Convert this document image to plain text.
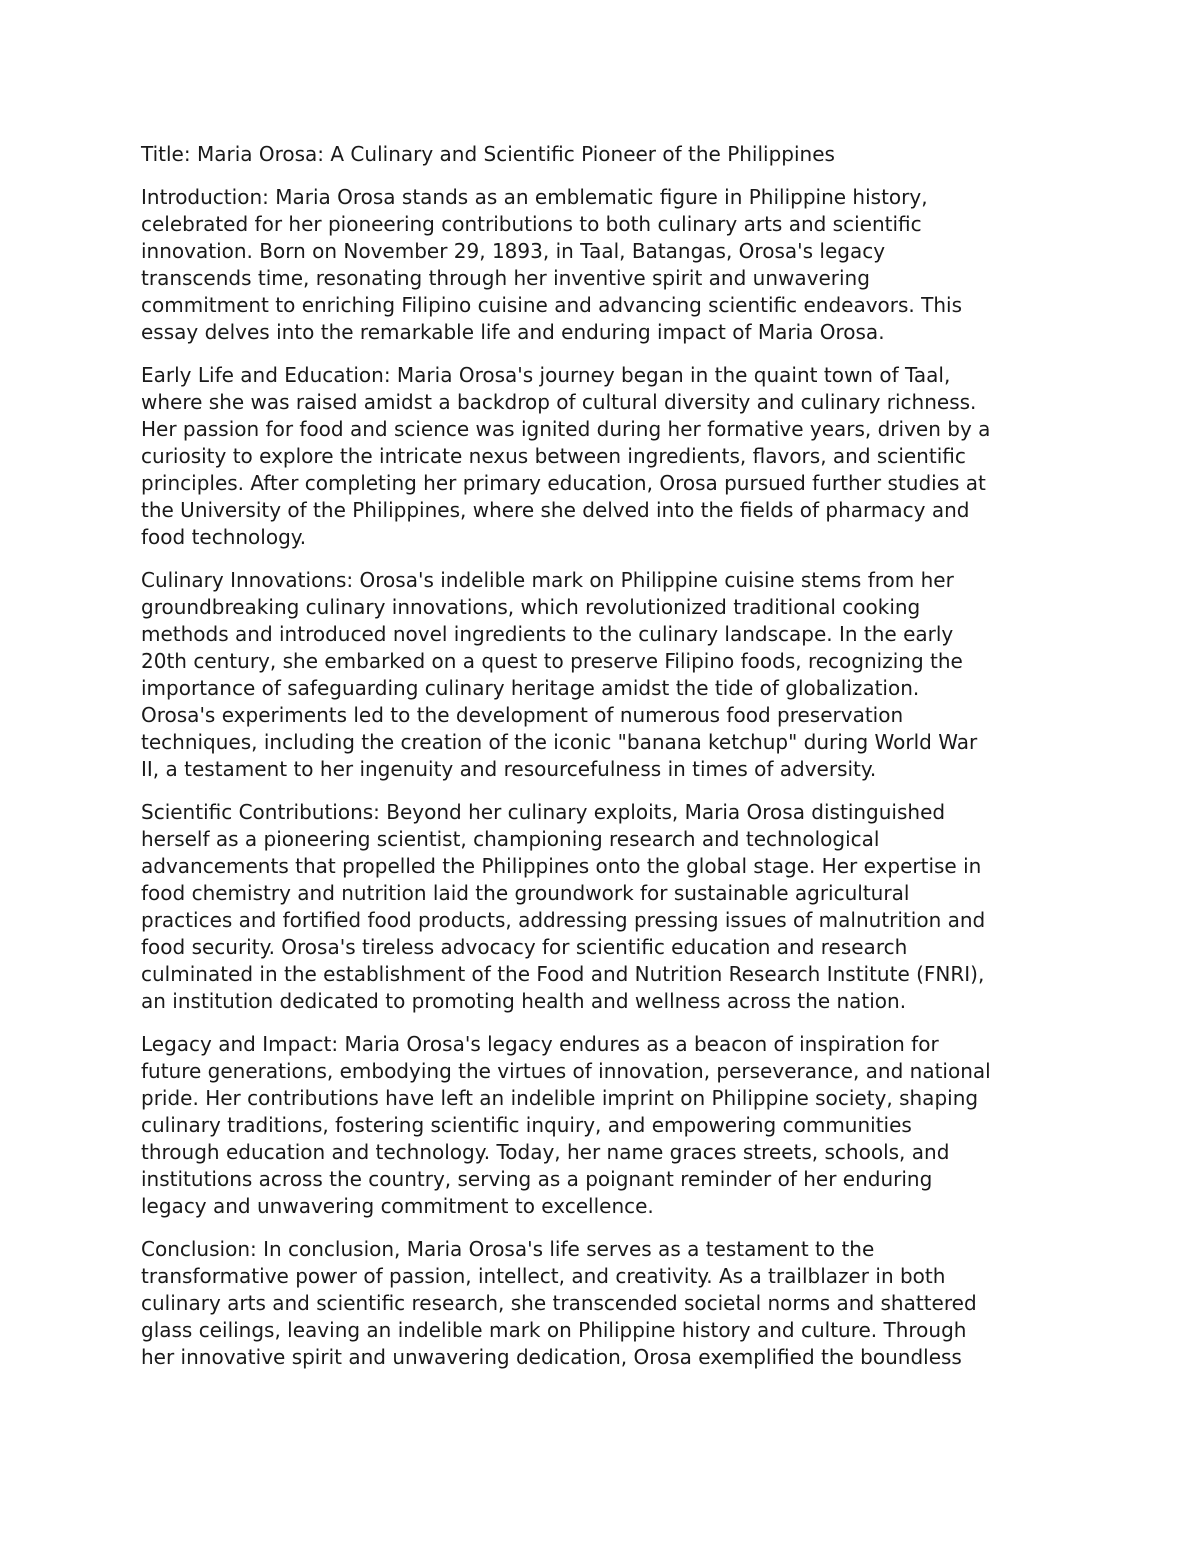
Title: Maria Orosa: A Culinary and Scientific Pioneer of the Philippines

Introduction: Maria Orosa stands as an emblematic figure in Philippine history,
celebrated for her pioneering contributions to both culinary arts and scientific
innovation. Born on November 29, 1893, in Taal, Batangas, Orosa's legacy
transcends time, resonating through her inventive spirit and unwavering
commitment to enriching Filipino cuisine and advancing scientific endeavors. This
essay delves into the remarkable life and enduring impact of Maria Orosa.

Early Life and Education: Maria Orosa's journey began in the quaint town of Taal,
where she was raised amidst a backdrop of cultural diversity and culinary richness.
Her passion for food and science was ignited during her formative years, driven by a
curiosity to explore the intricate nexus between ingredients, flavors, and scientific
principles. After completing her primary education, Orosa pursued further studies at
the University of the Philippines, where she delved into the fields of pharmacy and
food technology.

Culinary Innovations: Orosa's indelible mark on Philippine cuisine stems from her
groundbreaking culinary innovations, which revolutionized traditional cooking
methods and introduced novel ingredients to the culinary landscape. In the early
20th century, she embarked on a quest to preserve Filipino foods, recognizing the
importance of safeguarding culinary heritage amidst the tide of globalization.
Orosa's experiments led to the development of numerous food preservation
techniques, including the creation of the iconic "banana ketchup" during World War
II, a testament to her ingenuity and resourcefulness in times of adversity.

Scientific Contributions: Beyond her culinary exploits, Maria Orosa distinguished
herself as a pioneering scientist, championing research and technological
advancements that propelled the Philippines onto the global stage. Her expertise in
food chemistry and nutrition laid the groundwork for sustainable agricultural
practices and fortified food products, addressing pressing issues of malnutrition and
food security. Orosa's tireless advocacy for scientific education and research
culminated in the establishment of the Food and Nutrition Research Institute (FNRI),
an institution dedicated to promoting health and wellness across the nation.

Legacy and Impact: Maria Orosa's legacy endures as a beacon of inspiration for
future generations, embodying the virtues of innovation, perseverance, and national
pride. Her contributions have left an indelible imprint on Philippine society, shaping
culinary traditions, fostering scientific inquiry, and empowering communities
through education and technology. Today, her name graces streets, schools, and
institutions across the country, serving as a poignant reminder of her enduring
legacy and unwavering commitment to excellence.

Conclusion: In conclusion, Maria Orosa's life serves as a testament to the
transformative power of passion, intellect, and creativity. As a trailblazer in both
culinary arts and scientific research, she transcended societal norms and shattered
glass ceilings, leaving an indelible mark on Philippine history and culture. Through
her innovative spirit and unwavering dedication, Orosa exemplified the boundless
